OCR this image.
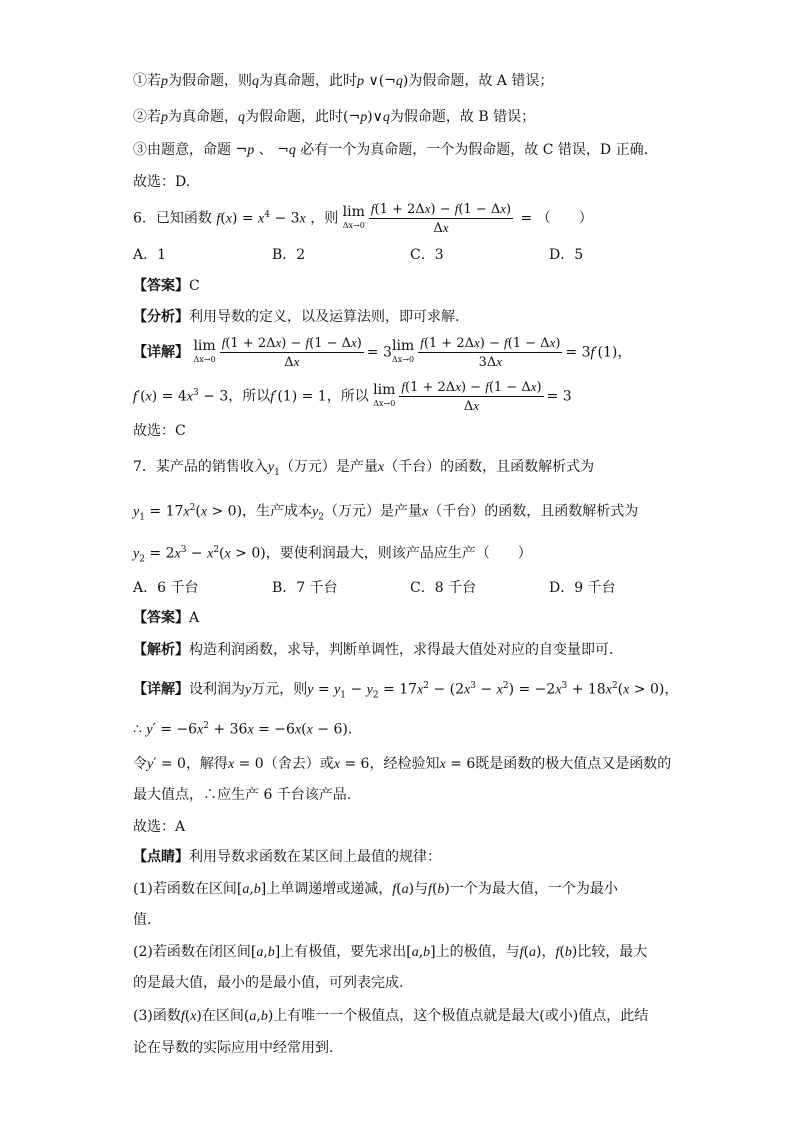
①若p为假命题，则q为真命题，此时p ∨(¬q)为假命题，故 A 错误；
②若p为真命题，q为假命题，此时(¬p)∨q为假命题，故 B 错误；
③由题意，命题 ¬p 、 ¬q 必有一个为真命题，一个为假命题，故 C 错误，D 正确.
故选：D.
6．已知函数 $f(x) = x^4 - 3x$ ，则 lim
$\Delta x\to 0 \frac{f(1 + 2\Delta x) - f(1 - \Delta x)}{\Delta x}$ = （　　）
A．1	B．2	C．3	D．5
【答案】C
【分析】利用导数的定义，以及运算法则，即可求解.
【详解】 lim
$\Delta x\to 0 \frac{f(1 + 2\Delta x) - f(1 - \Delta x)}{\Delta x} = 3$ lim
$\Delta x\to 0 \frac{f(1 + 2\Delta x) - f(1 - \Delta x)}{3\Delta x} = 3f'(1)$，
$f'(x) = 4x^3 - 3$，所以f′(1) = 1，所以 lim
$\Delta x\to 0 \frac{f(1 + 2\Delta x) - f(1 - \Delta x)}{\Delta x} = 3$
故选：C
7．某产品的销售收入$y_1$（万元）是产量x（千台）的函数，且函数解析式为
$y_1 = 17x^2(x > 0)$，生产成本$y_2$（万元）是产量x（千台）的函数，且函数解析式为
$y_2 = 2x^3 - x^2(x > 0)$，要使利润最大，则该产品应生产（　　）
A．6 千台	B．7 千台	C．8 千台	D．9 千台
【答案】A
【解析】构造利润函数，求导，判断单调性，求得最大值处对应的自变量即可.
【详解】设利润为y万元，则$y = y_1 - y_2 = 17x^2 - (2x^3 - x^2) = -2x^3 + 18x^2(x > 0)$，
∴ $y' = -6x^2 + 36x = -6x(x - 6)$.
令y′ = 0，解得x = 0（舍去）或x = 6，经检验知x = 6既是函数的极大值点又是函数的
最大值点，∴应生产 6 千台该产品.
故选：A
【点睛】利用导数求函数在某区间上最值的规律：
(1)若函数在区间[a,b]上单调递增或递减，f(a)与f(b)一个为最大值，一个为最小
值.
(2)若函数在闭区间[a,b]上有极值，要先求出[a,b]上的极值，与f(a)，f(b)比较，最大
的是最大值，最小的是最小值，可列表完成.
(3)函数f(x)在区间(a,b)上有唯一一个极值点，这个极值点就是最大(或小)值点，此结
论在导数的实际应用中经常用到.
